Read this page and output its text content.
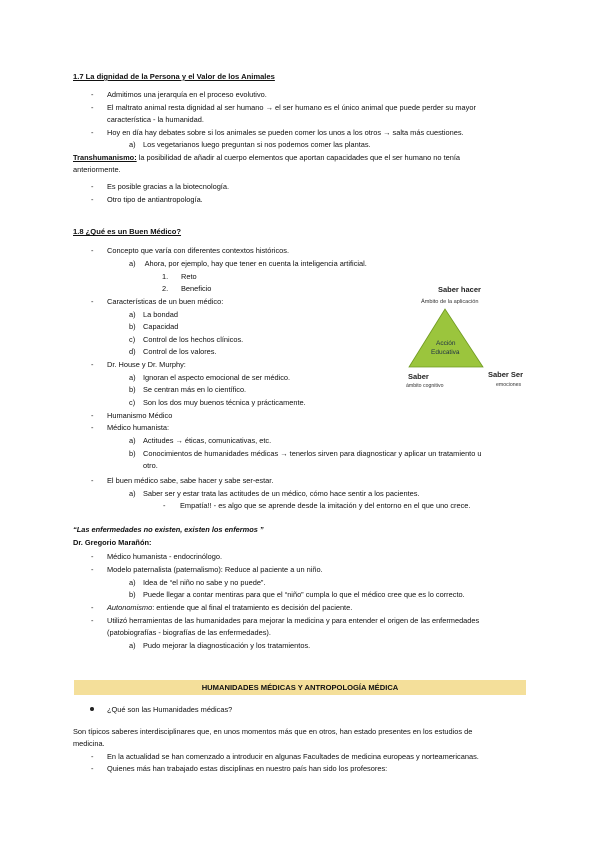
1.7 La dignidad de la Persona y el Valor de los Animales
- Admitimos una jerarquía en el proceso evolutivo.
- El maltrato animal resta dignidad al ser humano → el ser humano es el único animal que puede perder su mayor
característica - la humanidad.
- Hoy en día hay debates sobre si los animales se pueden comer los unos a los otros → salta más cuestiones.
a) Los vegetarianos luego preguntan si nos podemos comer las plantas.
Transhumanismo: la posibilidad de añadir al cuerpo elementos que aportan capacidades que el ser humano no tenía
anteriormente.
- Es posible gracias a la biotecnología.
- Otro tipo de antiantropología.
1.8 ¿Qué es un Buen Médico?
- Concepto que varía con diferentes contextos históricos.
a) Ahora, por ejemplo, hay que tener en cuenta la inteligencia artificial.
1. Reto
2. Beneficio
- Características de un buen médico:
a) La bondad
b) Capacidad
c) Control de los hechos clínicos.
d) Control de los valores.
- Dr. House y Dr. Murphy:
a) Ignoran el aspecto emocional de ser médico.
b) Se centran más en lo científico.
c) Son los dos muy buenos técnica y prácticamente.
- Humanismo Médico
- Médico humanista:
a) Actitudes → éticas, comunicativas, etc.
b) Conocimientos de humanidades médicas → tenerlos sirven para diagnosticar y aplicar un tratamiento u
otro.
- El buen médico sabe, sabe hacer y sabe ser-estar.
a) Saber ser y estar trata las actitudes de un médico, cómo hace sentir a los pacientes.
- Empatía!! - es algo que se aprende desde la imitación y del entorno en el que uno crece.
Saber hacer
Ámbito de la aplicación
Acción
Educativa
Saber
ámbito cognitivo
Saber Ser
emociones
“Las enfermedades no existen, existen los enfermos ”
Dr. Gregorio Marañón:
- Médico humanista - endocrinólogo.
- Modelo paternalista (paternalismo): Reduce al paciente a un niño.
a) Idea de “el niño no sabe y no puede”.
b) Puede llegar a contar mentiras para que el “niño” cumpla lo que el médico cree que es lo correcto.
- Autonomismo: entiende que al final el tratamiento es decisión del paciente.
- Utilizó herramientas de las humanidades para mejorar la medicina y para entender el origen de las enfermedades
(patobiografías - biografías de las enfermedades).
a) Pudo mejorar la diagnosticación y los tratamientos.
HUMANIDADES MÉDICAS Y ANTROPOLOGÍA MÉDICA
¿Qué son las Humanidades médicas?
Son típicos saberes interdisciplinares que, en unos momentos más que en otros, han estado presentes en los estudios de
medicina.
- En la actualidad se han comenzado a introducir en algunas Facultades de medicina europeas y norteamericanas.
- Quienes más han trabajado estas disciplinas en nuestro país han sido los profesores:
